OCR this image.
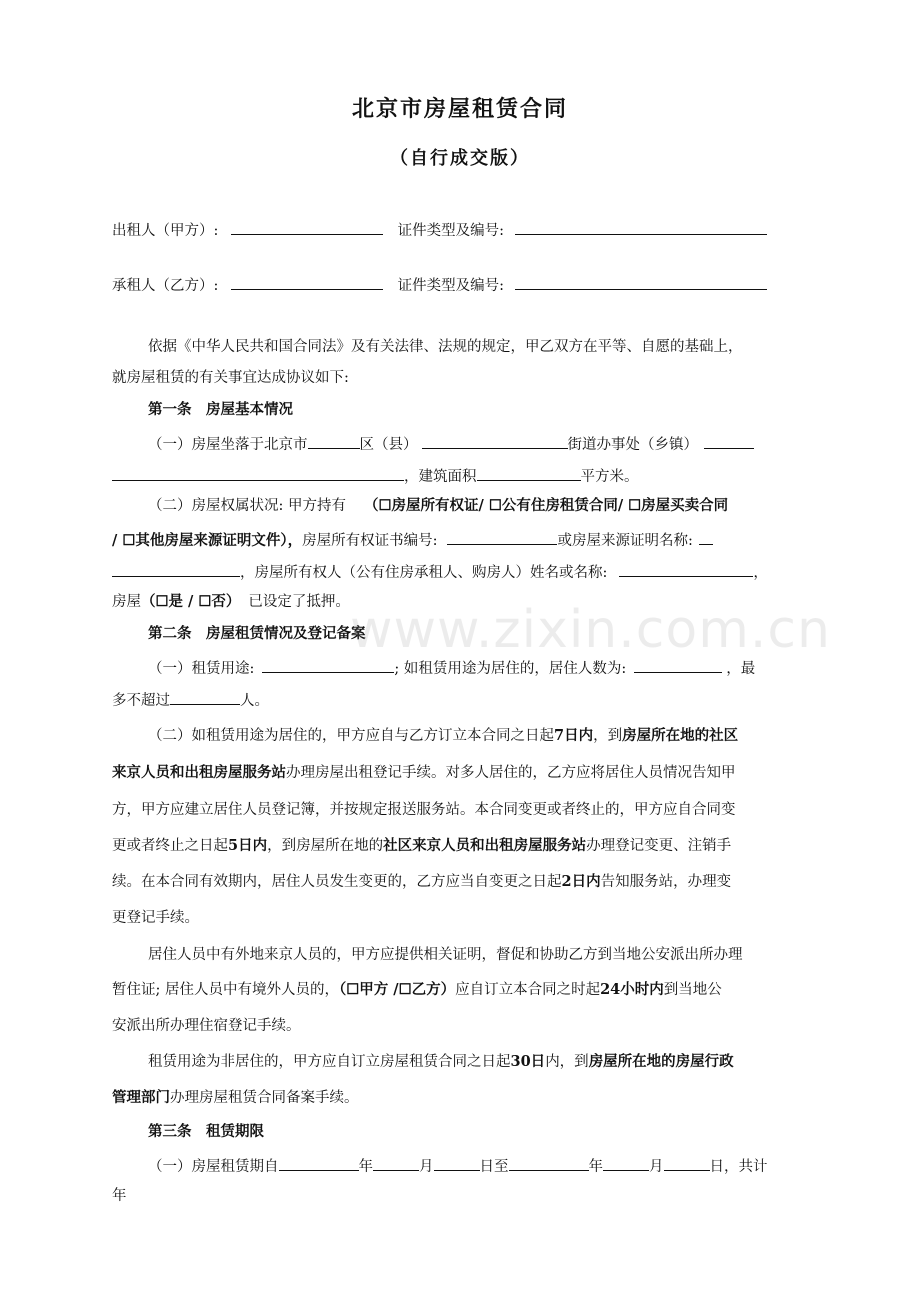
北京市房屋租赁合同
（自行成交版）
出租人（甲方）:	证件类型及编号:
承租人（乙方）:	证件类型及编号:
依据《中华人民共和国合同法》及有关法律、法规的规定，甲乙双方在平等、自愿的基础上，
就房屋租赁的有关事宜达成协议如下:
第一条　房屋基本情况
（一）房屋坐落于北京市	区（县）	街道办事处（乡镇）
，建筑面积	平方米。
（二）房屋权属状况: 甲方持有 （☐房屋所有权证/ ☐公有住房租赁合同/ ☐房屋买卖合同
/ ☐其他房屋来源证明文件），房屋所有权证书编号:	或房屋来源证明名称:
，房屋所有权人（公有住房承租人、购房人）姓名或名称:	，
房屋（☐是 / ☐否） 已设定了抵押。
第二条　房屋租赁情况及登记备案
（一）租赁用途:	; 如租赁用途为居住的，居住人数为:	，最
多不超过	人。
（二）如租赁用途为居住的，甲方应自与乙方订立本合同之日起7日内，到房屋所在地的社区
来京人员和出租房屋服务站办理房屋出租登记手续。对多人居住的，乙方应将居住人员情况告知甲
方，甲方应建立居住人员登记簿，并按规定报送服务站。本合同变更或者终止的，甲方应自合同变
更或者终止之日起5日内，到房屋所在地的社区来京人员和出租房屋服务站办理登记变更、注销手
续。在本合同有效期内，居住人员发生变更的，乙方应当自变更之日起2日内告知服务站，办理变
更登记手续。
居住人员中有外地来京人员的，甲方应提供相关证明，督促和协助乙方到当地公安派出所办理
暂住证; 居住人员中有境外人员的，（☐甲方 /☐乙方）应自订立本合同之时起24小时内到当地公
安派出所办理住宿登记手续。
租赁用途为非居住的，甲方应自订立房屋租赁合同之日起30日内，到房屋所在地的房屋行政
管理部门办理房屋租赁合同备案手续。
第三条　租赁期限
（一）房屋租赁期自	年	月	日至	年	月	日，共计
年
www.zixin.com.cn
